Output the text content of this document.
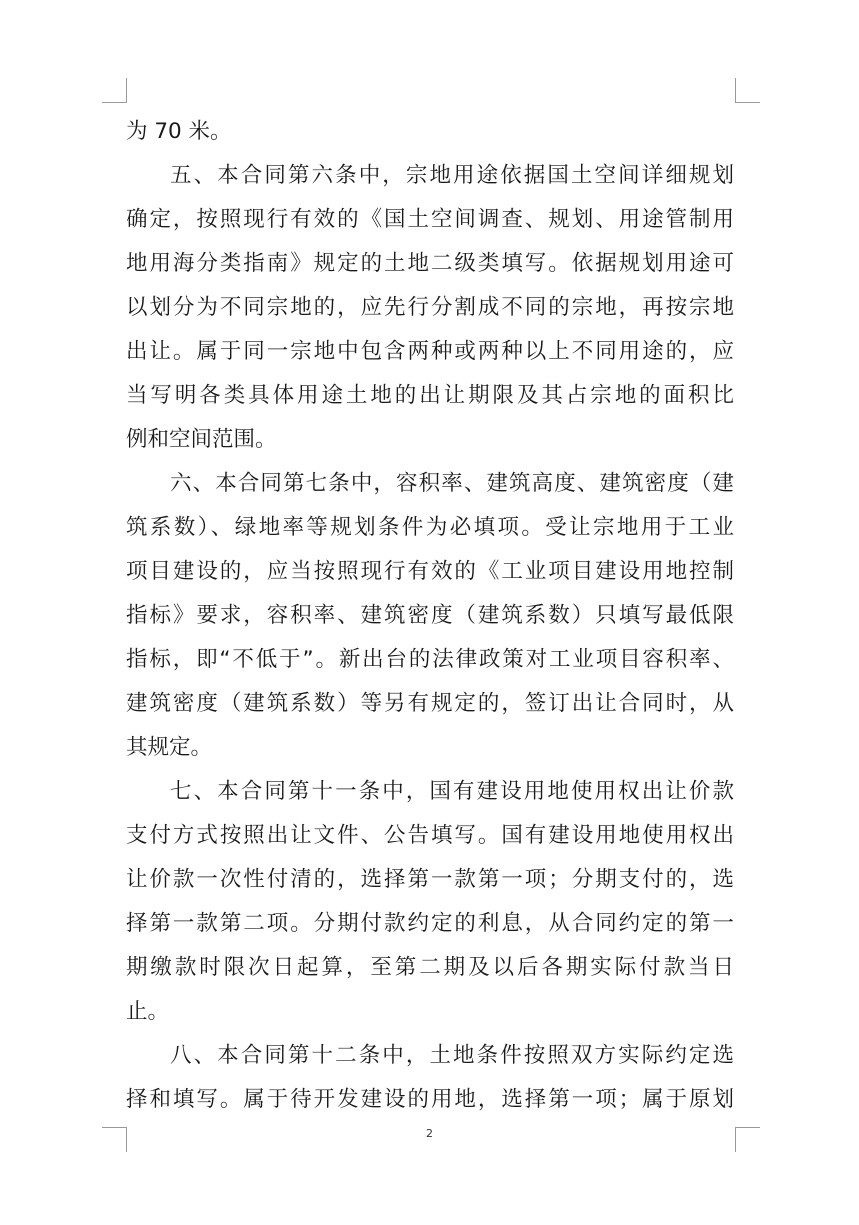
为 70 米。
五、本合同第六条中，宗地用途依据国土空间详细规划
确定，按照现行有效的《国土空间调查、规划、用途管制用
地用海分类指南》规定的土地二级类填写。依据规划用途可
以划分为不同宗地的，应先行分割成不同的宗地，再按宗地
出让。属于同一宗地中包含两种或两种以上不同用途的，应
当写明各类具体用途土地的出让期限及其占宗地的面积比
例和空间范围。
六、本合同第七条中，容积率、建筑高度、建筑密度（建
筑系数）、绿地率等规划条件为必填项。受让宗地用于工业
项目建设的，应当按照现行有效的《工业项目建设用地控制
指标》要求，容积率、建筑密度（建筑系数）只填写最低限
指标，即“不低于”。新出台的法律政策对工业项目容积率、
建筑密度（建筑系数）等另有规定的，签订出让合同时，从
其规定。
七、本合同第十一条中，国有建设用地使用权出让价款
支付方式按照出让文件、公告填写。国有建设用地使用权出
让价款一次性付清的，选择第一款第一项；分期支付的，选
择第一款第二项。分期付款约定的利息，从合同约定的第一
期缴款时限次日起算，至第二期及以后各期实际付款当日
止。
八、本合同第十二条中，土地条件按照双方实际约定选
择和填写。属于待开发建设的用地，选择第一项；属于原划
2
